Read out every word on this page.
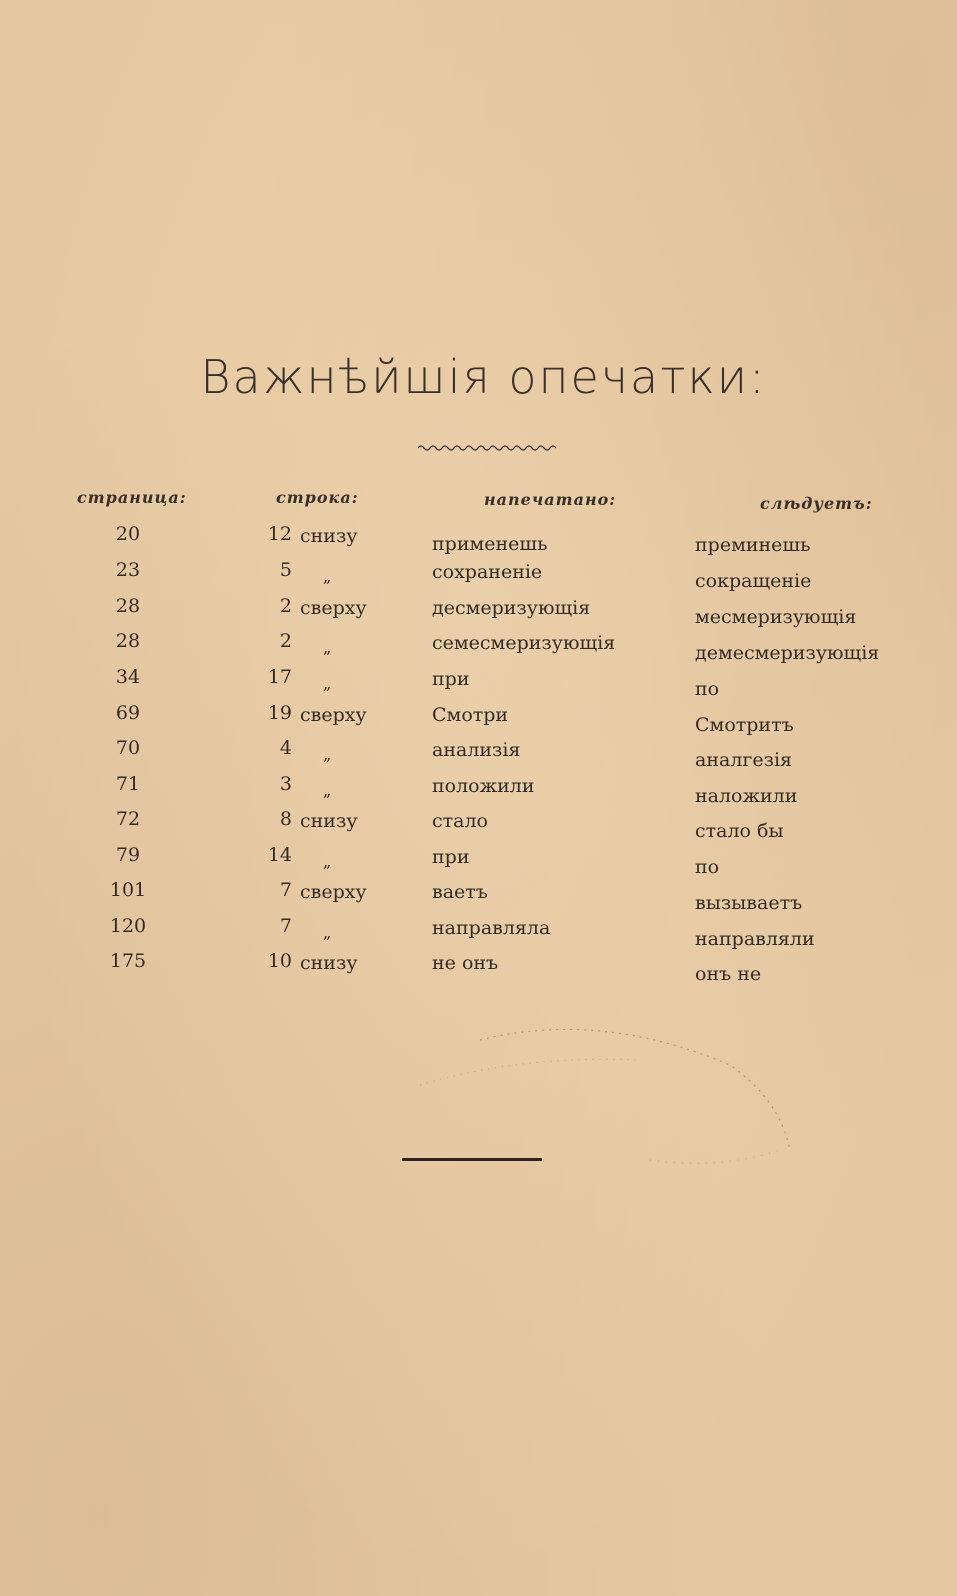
Важнѣйшія опечатки:
страница:	строка:	напечатано:	слѣдуетъ:
20	12 снизу	применешь	преминешь
23	5 „	сохраненіе	сокращеніе
28	2 сверху	десмеризующія	месмеризующія
28	2 „	семесмеризующія	демесмеризующія
34	17 „	при	по
69	19 сверху	Смотри	Смотритъ
70	4 „	анализія	аналгезія
71	3 „	положили	наложили
72	8 снизу	стало	стало бы
79	14 „	при	по
101	7 сверху	ваетъ	вызываетъ
120	7 „	направляла	направляли
175	10 снизу	не онъ	онъ не
